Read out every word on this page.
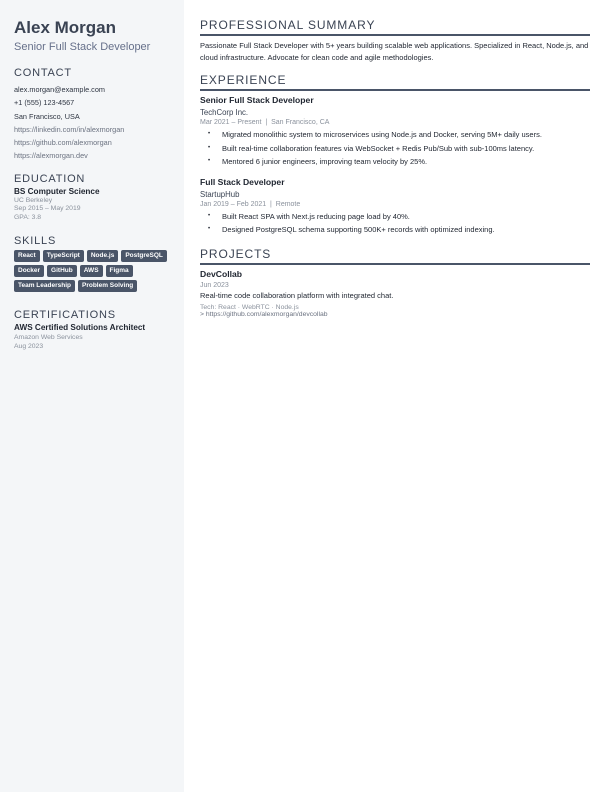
Alex Morgan
Senior Full Stack Developer
CONTACT
alex.morgan@example.com
+1 (555) 123-4567
San Francisco, USA
https://linkedin.com/in/alexmorgan
https://github.com/alexmorgan
https://alexmorgan.dev
EDUCATION
BS Computer Science
UC Berkeley
Sep 2015 – May 2019
GPA: 3.8
SKILLS
React	TypeScript	Node.js	PostgreSQL
Docker	GitHub	AWS	Figma
Team Leadership	Problem Solving
CERTIFICATIONS
AWS Certified Solutions Architect
Amazon Web Services
Aug 2023
PROFESSIONAL SUMMARY
Passionate Full Stack Developer with 5+ years building scalable web applications. Specialized in React, Node.js, and cloud infrastructure. Advocate for clean code and agile methodologies.
EXPERIENCE
Senior Full Stack Developer
TechCorp Inc.
Mar 2021 – Present  |  San Francisco, CA
• Migrated monolithic system to microservices using Node.js and Docker, serving 5M+ daily users.
• Built real-time collaboration features via WebSocket + Redis Pub/Sub with sub-100ms latency.
• Mentored 6 junior engineers, improving team velocity by 25%.
Full Stack Developer
StartupHub
Jan 2019 – Feb 2021  |  Remote
• Built React SPA with Next.js reducing page load by 40%.
• Designed PostgreSQL schema supporting 500K+ records with optimized indexing.
PROJECTS
DevCollab
Jun 2023
Real-time code collaboration platform with integrated chat.
Tech: React · WebRTC · Node.js
> https://github.com/alexmorgan/devcollab
